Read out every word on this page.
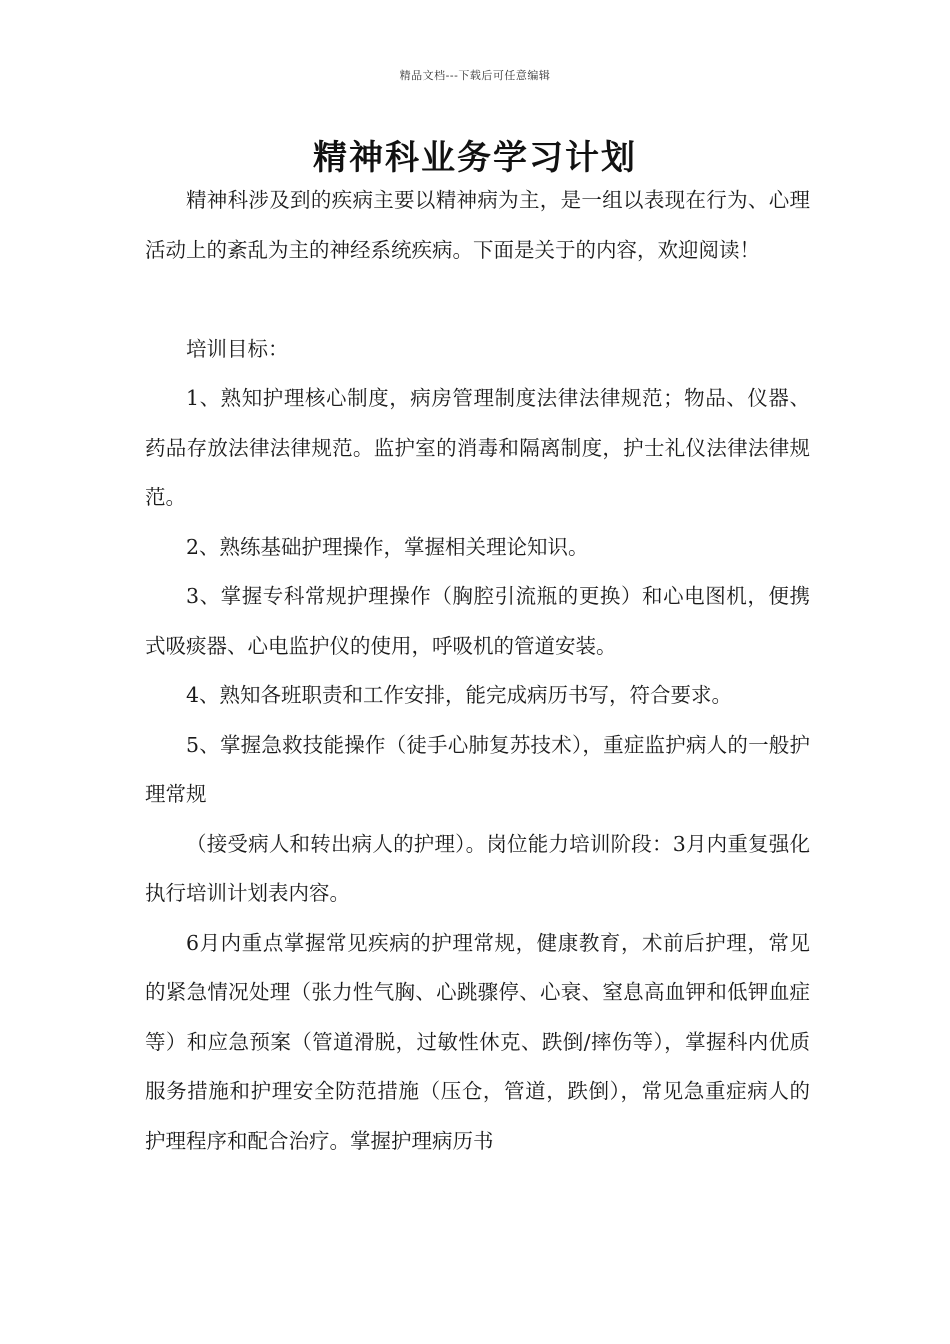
精品文档---下载后可任意编辑
精神科业务学习计划

精神科涉及到的疾病主要以精神病为主，是一组以表现在行为、心理活动上的紊乱为主的神经系统疾病。下面是关于的内容，欢迎阅读！

培训目标：

1、熟知护理核心制度，病房管理制度法律法律规范；物品、仪器、药品存放法律法律规范。监护室的消毒和隔离制度，护士礼仪法律法律规范。

2、熟练基础护理操作，掌握相关理论知识。

3、掌握专科常规护理操作（胸腔引流瓶的更换）和心电图机，便携式吸痰器、心电监护仪的使用，呼吸机的管道安装。

4、熟知各班职责和工作安排，能完成病历书写，符合要求。

5、掌握急救技能操作（徒手心肺复苏技术），重症监护病人的一般护理常规

（接受病人和转出病人的护理）。岗位能力培训阶段：3月内重复强化执行培训计划表内容。

6月内重点掌握常见疾病的护理常规，健康教育，术前后护理，常见的紧急情况处理（张力性气胸、心跳骤停、心衰、窒息高血钾和低钾血症等）和应急预案（管道滑脱，过敏性休克、跌倒/摔伤等），掌握科内优质服务措施和护理安全防范措施（压仓，管道，跌倒），常见急重症病人的护理程序和配合治疗。掌握护理病历书
